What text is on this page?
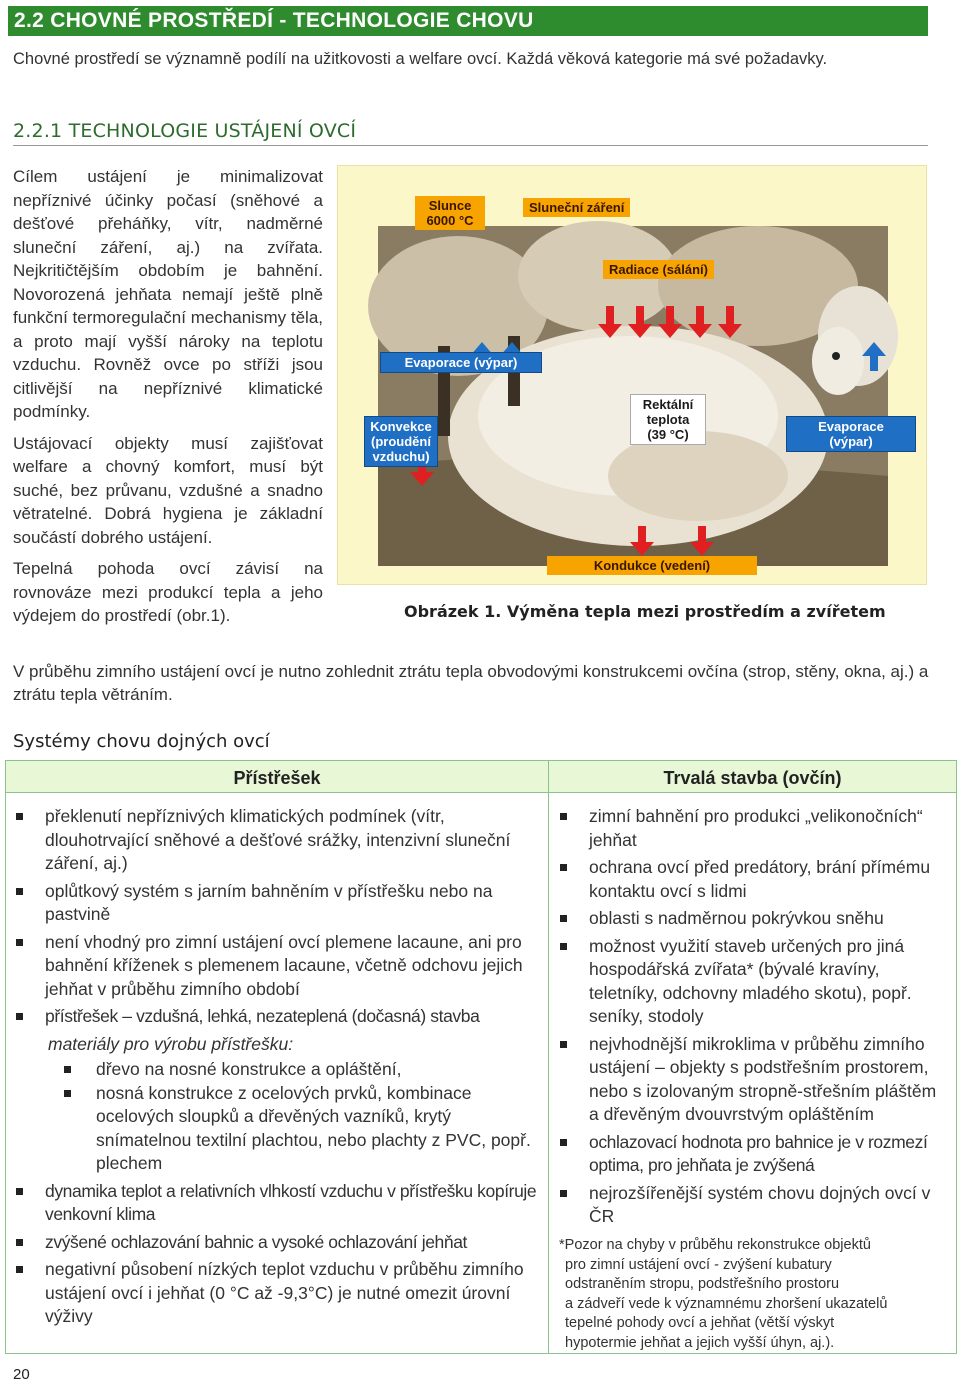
2.2 CHOVNÉ PROSTŘEDÍ - TECHNOLOGIE CHOVU
Chovné prostředí se významně podílí na užitkovosti a welfare ovcí. Každá věková kategorie má své požadavky.
2.2.1 TECHNOLOGIE USTÁJENÍ OVCÍ

Cílem ustájení je minimalizovat nepříznivé účinky počasí (sněhové a dešťové přeháňky, vítr, nadměrné sluneční záření, aj.) na zvířata. Nejkritičtějším obdobím je bahnění. Novorozená jehňata nemají ještě plně funkční termoregulační mechanismy těla, a proto mají vyšší nároky na teplotu vzduchu. Rovněž ovce po stříži jsou citlivější na nepříznivé klimatické podmínky.

Ustájovací objekty musí zajišťovat welfare a chovný komfort, musí být suché, bez průvanu, vzdušné a snadno větratelné. Dobrá hygiena je základní součástí dobrého ustájení.

Tepelná pohoda ovcí závisí na rovnováze mezi produkcí tepla a jeho výdejem do prostředí (obr.1).

Slunce
6000 °C
Sluneční záření
Radiace (sálání)
Evaporace (výpar)
Konvekce
(proudění
vzduchu)
Rektální
teplota
(39 °C)
Evaporace
(výpar)
Kondukce (vedení)
Obrázek 1. Výměna tepla mezi prostředím a zvířetem
V průběhu zimního ustájení ovcí je nutno zohlednit ztrátu tepla obvodovými konstrukcemi ovčína (strop, stěny, okna, aj.) a ztrátu tepla větráním.
Systémy chovu dojných ovcí
Přístřešek	Trvalá stavba (ovčín)
překlenutí nepříznivých klimatických podmínek (vítr, dlouhotrvající sněhové a dešťové srážky, intenzivní sluneční záření, aj.)
oplůtkový systém s jarním bahněním v přístřešku nebo na pastvině
není vhodný pro zimní ustájení ovcí plemene lacaune, ani pro bahnění kříženek s plemenem lacaune, včetně odchovu jejich jehňat v průběhu zimního období
přístřešek – vzdušná, lehká, nezateplená (dočasná) stavba
materiály pro výrobu přístřešku:
dřevo na nosné konstrukce a opláštění,
nosná konstrukce z ocelových prvků, kombinace ocelových sloupků a dřevěných vazníků, krytý snímatelnou textilní plachtou, nebo plachty z PVC, popř. plechem
dynamika teplot a relativních vlhkostí vzduchu v přístřešku kopíruje venkovní klima
zvýšené ochlazování bahnic a vysoké ochlazování jehňat
negativní působení nízkých teplot vzduchu v průběhu zimního ustájení ovcí i jehňat (0 °C až -9,3°C) je nutné omezit úrovní výživy
zimní bahnění pro produkci „velikonočních“ jehňat
ochrana ovcí před predátory, brání přímému kontaktu ovcí s lidmi
oblasti s nadměrnou pokrývkou sněhu
možnost využití staveb určených pro jiná hospodářská zvířata* (bývalé kravíny, teletníky, odchovny mladého skotu), popř. seníky, stodoly
nejvhodnější mikroklima v průběhu zimního ustájení – objekty s podstřešním prostorem, nebo s izolovaným stropně-střešním pláštěm a dřevěným dvouvrstvým opláštěním
ochlazovací hodnota pro bahnice je v rozmezí optima, pro jehňata je zvýšená
nejrozšířenější systém chovu dojných ovcí v ČR
*Pozor na chyby v průběhu rekonstrukce objektů
pro zimní ustájení ovcí - zvýšení kubatury
odstraněním stropu, podstřešního prostoru
a zádveří vede k významnému zhoršení ukazatelů
tepelné pohody ovcí a jehňat (větší výskyt
hypotermie jehňat a jejich vyšší úhyn, aj.).
20
